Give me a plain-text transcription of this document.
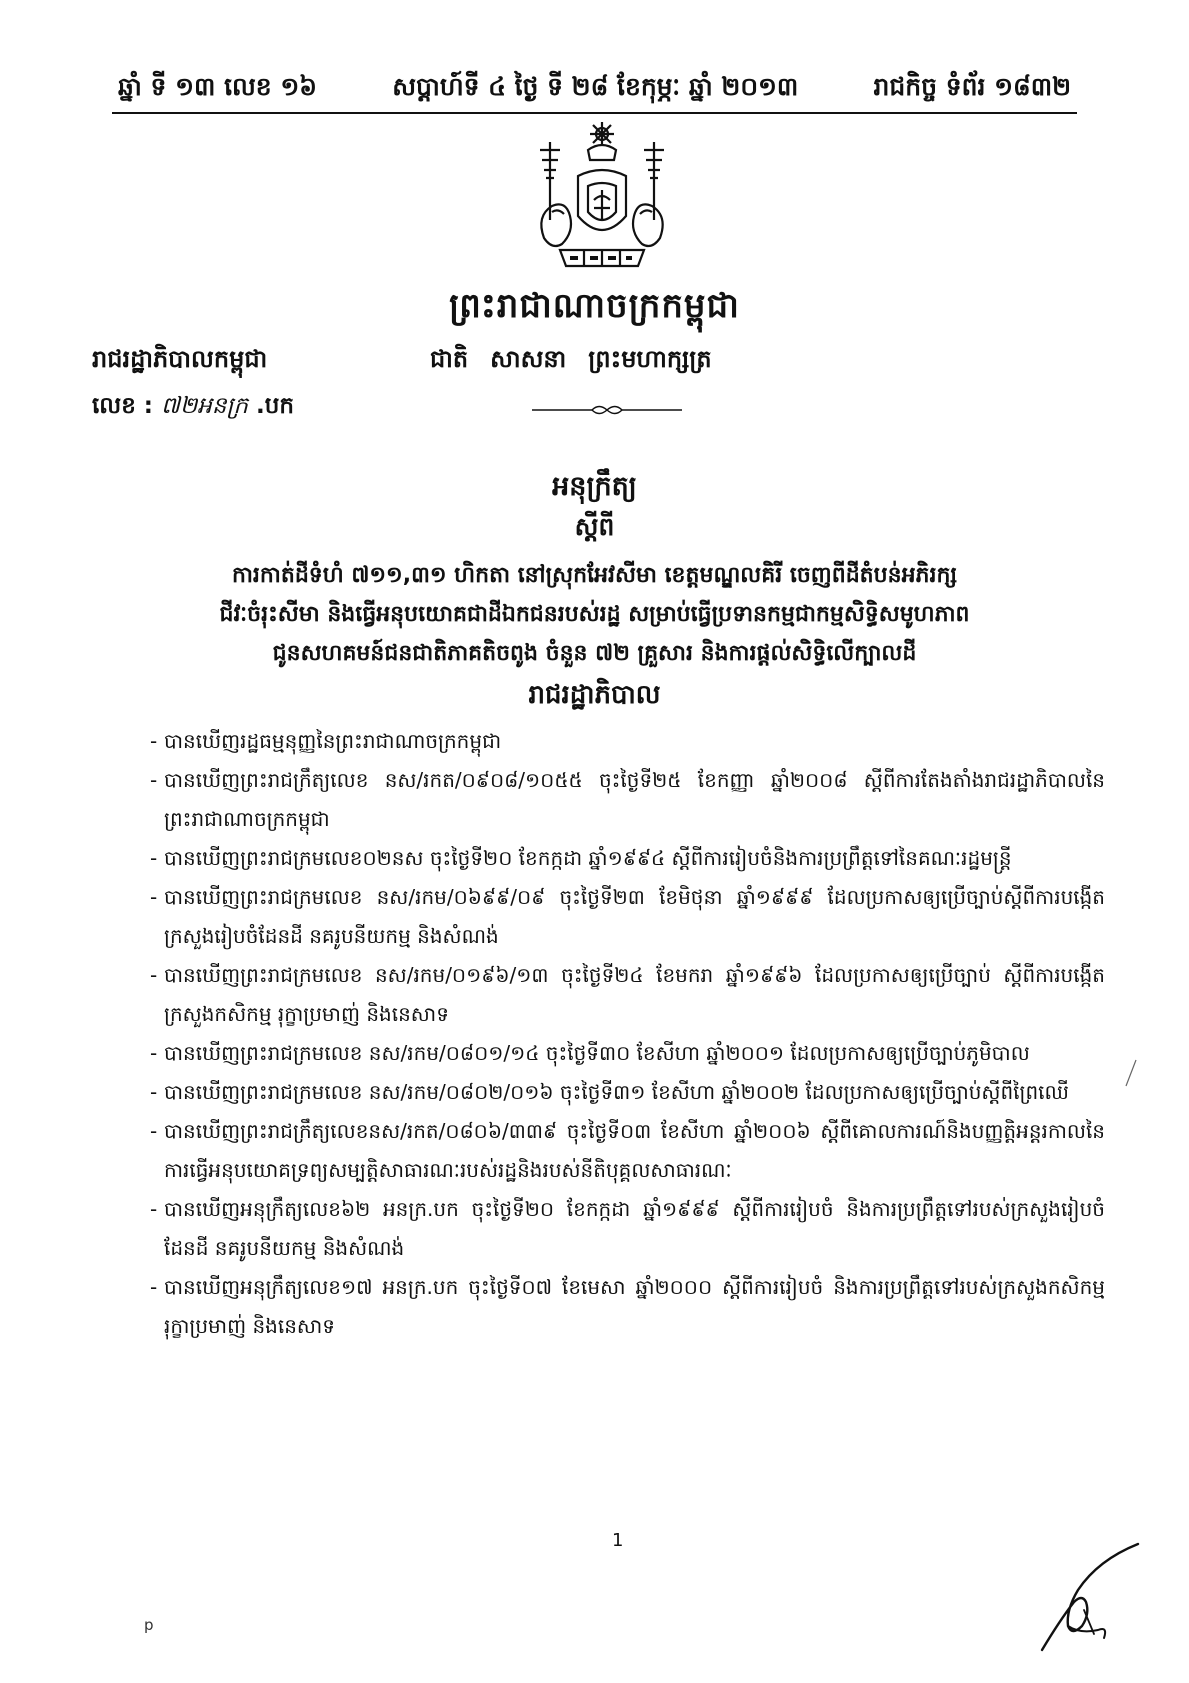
ឆ្នាំ ទី ១៣ លេខ ១៦	សប្តាហ៍ទី ៤ ថ្ងៃ ទី ២៨ ខែកុម្ភៈ ឆ្នាំ ២០១៣	រាជកិច្ច ទំព័រ ១៨៣២
ព្រះរាជាណាចក្រកម្ពុជា
រាជរដ្ឋាភិបាលកម្ពុជា	ជាតិ សាសនា ព្រះមហាក្សត្រ
លេខ : ៧២អនក្រ .បក
អនុក្រឹត្យ
ស្តីពី
ការកាត់ដីទំហំ ៧១១,៣១ ហិកតា នៅស្រុកអែវសីមា ខេត្តមណ្ឌលគិរី ចេញពីដីតំបន់អភិរក្ស
ជីវៈចំរុះសីមា និងធ្វើអនុបយោគជាដីឯកជនរបស់រដ្ឋ សម្រាប់ធ្វើប្រទានកម្មជាកម្មសិទ្ធិសមូហភាព
ជូនសហគមន៍ជនជាតិភាគតិចពូង ចំនួន ៧២ គ្រួសារ និងការផ្តល់សិទ្ធិលើក្បាលដី
រាជរដ្ឋាភិបាល
- បានឃើញរដ្ឋធម្មនុញ្ញនៃព្រះរាជាណាចក្រកម្ពុជា
- បានឃើញព្រះរាជក្រឹត្យលេខ នស/រកត/០៩០៨/១០៥៥ ចុះថ្ងៃទី២៥ ខែកញ្ញា ឆ្នាំ២០០៨ ស្តីពីការតែងតាំងរាជរដ្ឋាភិបាលនៃព្រះរាជាណាចក្រកម្ពុជា
- បានឃើញព្រះរាជក្រមលេខ០២នស ចុះថ្ងៃទី២០ ខែកក្កដា ឆ្នាំ១៩៩៤ ស្តីពីការរៀបចំនិងការប្រព្រឹត្តទៅនៃគណៈរដ្ឋមន្ត្រី
- បានឃើញព្រះរាជក្រមលេខ នស/រកម/០៦៩៩/០៩ ចុះថ្ងៃទី២៣ ខែមិថុនា ឆ្នាំ១៩៩៩ ដែលប្រកាសឲ្យប្រើច្បាប់ស្តីពីការបង្កើតក្រសួងរៀបចំដែនដី នគរូបនីយកម្ម និងសំណង់
- បានឃើញព្រះរាជក្រមលេខ នស/រកម/០១៩៦/១៣ ចុះថ្ងៃទី២៤ ខែមករា ឆ្នាំ១៩៩៦ ដែលប្រកាសឲ្យប្រើច្បាប់ ស្តីពីការបង្កើតក្រសួងកសិកម្ម រុក្ខាប្រមាញ់ និងនេសាទ
- បានឃើញព្រះរាជក្រមលេខ នស/រកម/០៨០១/១៤ ចុះថ្ងៃទី៣០ ខែសីហា ឆ្នាំ២០០១ ដែលប្រកាសឲ្យប្រើច្បាប់ភូមិបាល
- បានឃើញព្រះរាជក្រមលេខ នស/រកម/០៨០២/០១៦ ចុះថ្ងៃទី៣១ ខែសីហា ឆ្នាំ២០០២ ដែលប្រកាសឲ្យប្រើច្បាប់ស្តីពីព្រៃឈើ
- បានឃើញព្រះរាជក្រឹត្យលេខនស/រកត/០៨០៦/៣៣៩ ចុះថ្ងៃទី០៣ ខែសីហា ឆ្នាំ២០០៦ ស្តីពីគោលការណ៍និងបញ្ញត្តិអន្តរកាលនៃការធ្វើអនុបយោគទ្រព្យសម្បត្តិសាធារណៈរបស់រដ្ឋនិងរបស់នីតិបុគ្គលសាធារណៈ
- បានឃើញអនុក្រឹត្យលេខ៦២ អនក្រ.បក ចុះថ្ងៃទី២០ ខែកក្កដា ឆ្នាំ១៩៩៩ ស្តីពីការរៀបចំ និងការប្រព្រឹត្តទៅរបស់ក្រសួងរៀបចំដែនដី នគរូបនីយកម្ម និងសំណង់
- បានឃើញអនុក្រឹត្យលេខ១៧ អនក្រ.បក ចុះថ្ងៃទី០៧ ខែមេសា ឆ្នាំ២០០០ ស្តីពីការរៀបចំ និងការប្រព្រឹត្តទៅរបស់ក្រសួងកសិកម្ម រុក្ខាប្រមាញ់ និងនេសាទ
1
p
